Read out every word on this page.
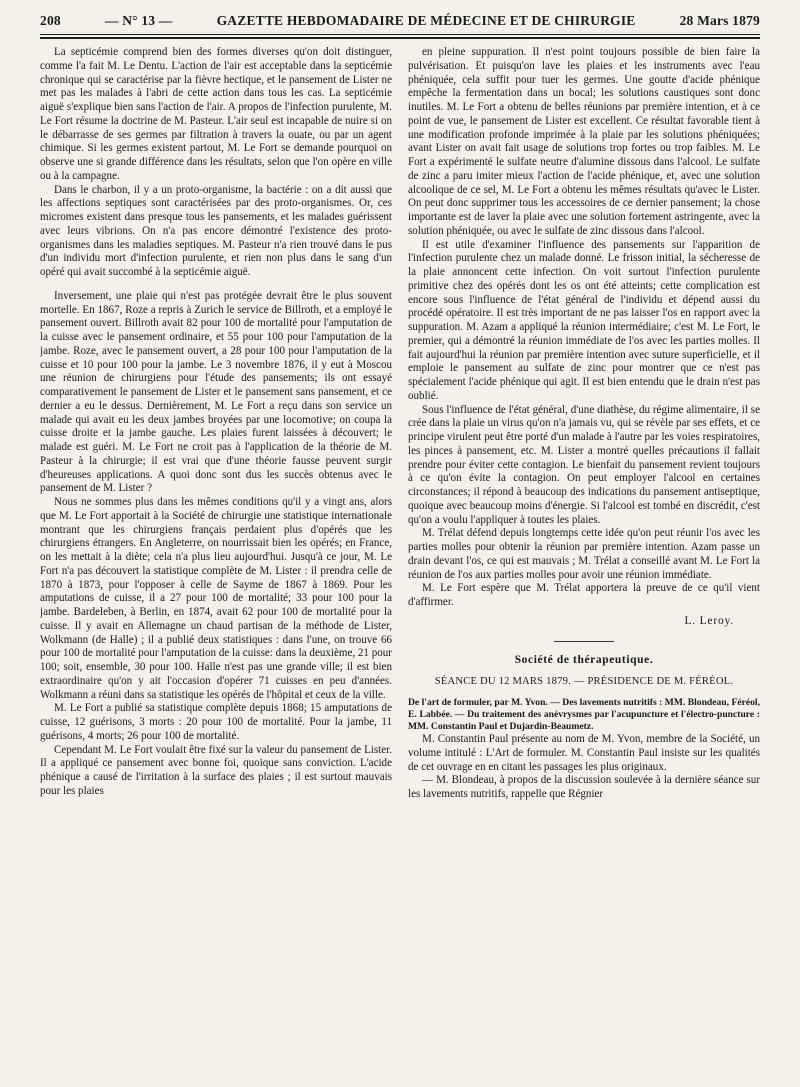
208	— N° 13 —	GAZETTE HEBDOMADAIRE DE MÉDECINE ET DE CHIRURGIE	28 Mars 1879

La septicémie comprend bien des formes diverses qu'on doit distinguer, comme l'a fait M. Le Dentu. L'action de l'air est acceptable dans la septicémie chronique qui se caractérise par la fièvre hectique, et le pansement de Lister ne met pas les malades à l'abri de cette action dans tous les cas. La septicémie aiguë s'explique bien sans l'action de l'air. A propos de l'infection purulente, M. Le Fort résume la doctrine de M. Pasteur. L'air seul est incapable de nuire si on le débarrasse de ses germes par filtration à travers la ouate, ou par un agent chimique. Si les germes existent partout, M. Le Fort se demande pourquoi on observe une si grande différence dans les résultats, selon que l'on opère en ville ou à la campagne.

Dans le charbon, il y a un proto-organisme, la bactérie : on a dit aussi que les affections septiques sont caractérisées par des proto-organismes. Or, ces micromes existent dans presque tous les pansements, et les malades guérissent avec leurs vibrions. On n'a pas encore démontré l'existence des proto-organismes dans les maladies septiques. M. Pasteur n'a rien trouvé dans le pus d'un individu mort d'infection purulente, et rien non plus dans le sang d'un opéré qui avait succombé à la septicémie aiguë.

Inversement, une plaie qui n'est pas protégée devrait être le plus souvent mortelle. En 1867, Roze a repris à Zurich le service de Billroth, et a employé le pansement ouvert. Billroth avait 82 pour 100 de mortalité pour l'amputation de la cuisse avec le pansement ordinaire, et 55 pour 100 pour l'amputation de la jambe. Roze, avec le pansement ouvert, a 28 pour 100 pour l'amputation de la cuisse et 10 pour 100 pour la jambe. Le 3 novembre 1876, il y eut à Moscou une réunion de chirurgiens pour l'étude des pansements; ils ont essayé comparativement le pansement de Lister et le pansement sans pansement, et ce dernier a eu le dessus. Dernièrement, M. Le Fort a reçu dans son service un malade qui avait eu les deux jambes broyées par une locomotive; on coupa la cuisse droite et la jambe gauche. Les plaies furent laissées à découvert; le malade est guéri. M. Le Fort ne croit pas à l'application de la théorie de M. Pasteur à la chirurgie; il est vrai que d'une théorie fausse peuvent surgir d'heureuses applications. A quoi donc sont dus les succès obtenus avec le pansement de M. Lister ?

Nous ne sommes plus dans les mêmes conditions qu'il y a vingt ans, alors que M. Le Fort apportait à la Société de chirurgie une statistique internationale montrant que les chirurgiens français perdaient plus d'opérés que les chirurgiens étrangers. En Angleterre, on nourrissait bien les opérés; en France, on les mettait à la diète; cela n'a plus lieu aujourd'hui. Jusqu'à ce jour, M. Le Fort n'a pas découvert la statistique complète de M. Lister : il prendra celle de 1870 à 1873, pour l'opposer à celle de Sayme de 1867 à 1869. Pour les amputations de cuisse, il a 27 pour 100 de mortalité; 33 pour 100 pour la jambe. Bardeleben, à Berlin, en 1874, avait 62 pour 100 de mortalité pour la cuisse. Il y avait en Allemagne un chaud partisan de la méthode de Lister, Wolkmann (de Halle) ; il a publié deux statistiques : dans l'une, on trouve 66 pour 100 de mortalité pour l'amputation de la cuisse: dans la deuxième, 21 pour 100; soit, ensemble, 30 pour 100. Halle n'est pas une grande ville; il est bien extraordinaire qu'on y ait l'occasion d'opérer 71 cuisses en peu d'années. Wolkmann a réuni dans sa statistique les opérés de l'hôpital et ceux de la ville.

M. Le Fort a publié sa statistique complète depuis 1868; 15 amputations de cuisse, 12 guérisons, 3 morts : 20 pour 100 de mortalité. Pour la jambe, 11 guérisons, 4 morts; 26 pour 100 de mortalité.

Cependant M. Le Fort voulait être fixé sur la valeur du pansement de Lister. Il a appliqué ce pansement avec bonne foi, quoique sans conviction. L'acide phénique a causé de l'irritation à la surface des plaies ; il est surtout mauvais pour les plaies

en pleine suppuration. Il n'est point toujours possible de bien faire la pulvérisation. Et puisqu'on lave les plaies et les instruments avec l'eau phéniquée, cela suffit pour tuer les germes. Une goutte d'acide phénique empêche la fermentation dans un bocal; les solutions caustiques sont donc inutiles. M. Le Fort a obtenu de belles réunions par première intention, et à ce point de vue, le pansement de Lister est excellent. Ce résultat favorable tient à une modification profonde imprimée à la plaie par les solutions phéniquées; avant Lister on avait fait usage de solutions trop fortes ou trop faibles. M. Le Fort a expérimenté le sulfate neutre d'alumine dissous dans l'alcool. Le sulfate de zinc a paru imiter mieux l'action de l'acide phénique, et, avec une solution alcoolique de ce sel, M. Le Fort a obtenu les mêmes résultats qu'avec le Lister. On peut donc supprimer tous les accessoires de ce dernier pansement; la chose importante est de laver la plaie avec une solution fortement astringente, avec la solution phéniquée, ou avec le sulfate de zinc dissous dans l'alcool.

Il est utile d'examiner l'influence des pansements sur l'apparition de l'infection purulente chez un malade donné. Le frisson initial, la sécheresse de la plaie annoncent cette infection. On voit surtout l'infection purulente primitive chez des opérés dont les os ont été atteints; cette complication est encore sous l'influence de l'état général de l'individu et dépend aussi du procédé opératoire. Il est très important de ne pas laisser l'os en rapport avec la suppuration. M. Azam a appliqué la réunion intermédiaire; c'est M. Le Fort, le premier, qui a démontré la réunion immédiate de l'os avec les parties molles. Il fait aujourd'hui la réunion par première intention avec suture superficielle, et il emploie le pansement au sulfate de zinc pour montrer que ce n'est pas spécialement l'acide phénique qui agit. Il est bien entendu que le drain n'est pas oublié.

Sous l'influence de l'état général, d'une diathèse, du régime alimentaire, il se crée dans la plaie un virus qu'on n'a jamais vu, qui se révèle par ses effets, et ce principe virulent peut être porté d'un malade à l'autre par les voies respiratoires, les pinces à pansement, etc. M. Lister a montré quelles précautions il fallait prendre pour éviter cette contagion. Le bienfait du pansement revient toujours à ce qu'on évite la contagion. On peut employer l'alcool en certaines circonstances; il répond à beaucoup des indications du pansement antiseptique, quoique avec beaucoup moins d'énergie. Si l'alcool est tombé en discrédit, c'est qu'on a voulu l'appliquer à toutes les plaies.

M. Trélat défend depuis longtemps cette idée qu'on peut réunir l'os avec les parties molles pour obtenir la réunion par première intention. Azam passe un drain devant l'os, ce qui est mauvais ; M. Trélat a conseillé avant M. Le Fort la réunion de l'os aux parties molles pour avoir une réunion immédiate.

M. Le Fort espère que M. Trélat apportera la preuve de ce qu'il vient d'affirmer.

L. Leroy.
Société de thérapeutique.
SÉANCE DU 12 MARS 1879. — PRÉSIDENCE DE M. FÉRÉOL.

De l'art de formuler, par M. Yvon. — Des lavements nutritifs : MM. Blondeau, Féréol, E. Labbée. — Du traitement des anévrysmes par l'acupuncture et l'électro-puncture : MM. Constantin Paul et Dujardin-Beaumetz.

M. Constantin Paul présente au nom de M. Yvon, membre de la Société, un volume intitulé : L'Art de formuler. M. Constantin Paul insiste sur les qualités de cet ouvrage en en citant les passages les plus originaux.

— M. Blondeau, à propos de la discussion soulevée à la dernière séance sur les lavements nutritifs, rappelle que Régnier
